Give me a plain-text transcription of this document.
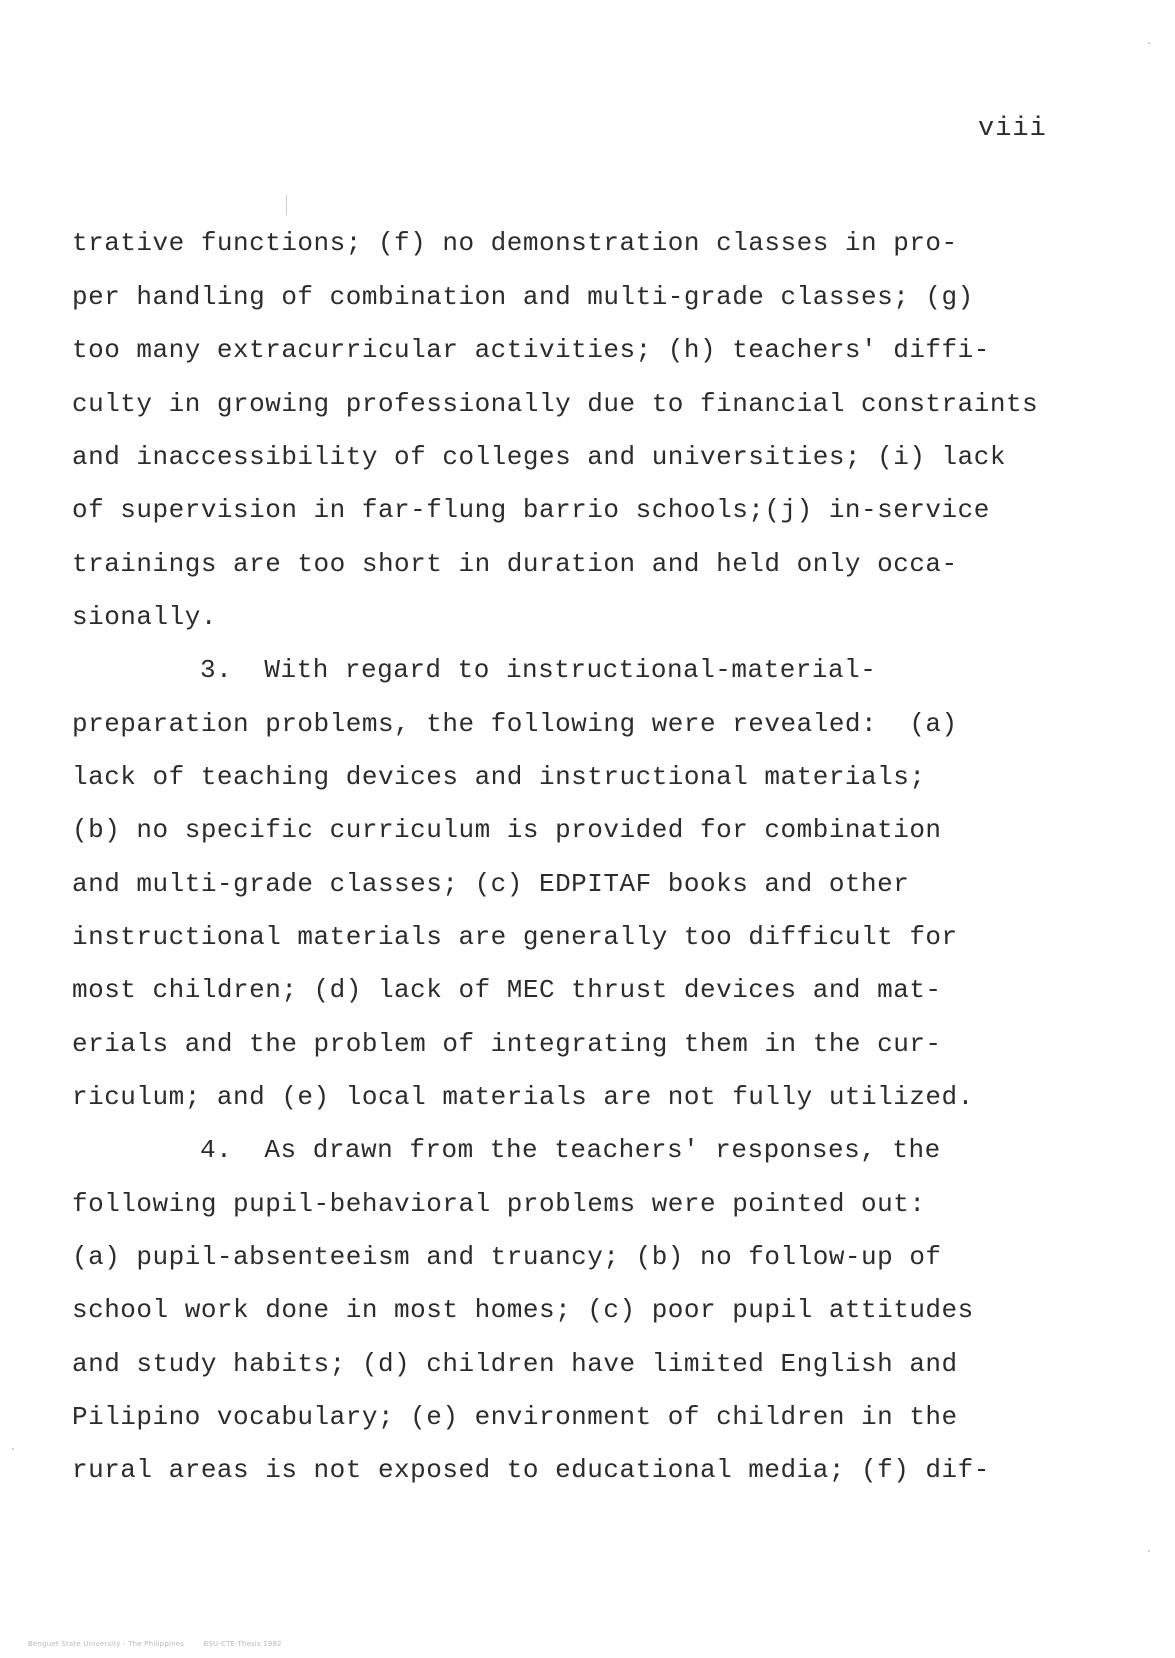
viii
trative functions; (f) no demonstration classes in pro-
per handling of combination and multi-grade classes; (g)
too many extracurricular activities; (h) teachers' diffi-
culty in growing professionally due to financial constraints
and inaccessibility of colleges and universities; (i) lack
of supervision in far-flung barrio schools;(j) in-service
trainings are too short in duration and held only occa-
sionally.
3.  With regard to instructional-material-
preparation problems, the following were revealed:  (a)
lack of teaching devices and instructional materials;
(b) no specific curriculum is provided for combination
and multi-grade classes; (c) EDPITAF books and other
instructional materials are generally too difficult for
most children; (d) lack of MEC thrust devices and mat-
erials and the problem of integrating them in the cur-
riculum; and (e) local materials are not fully utilized.
4.  As drawn from the teachers' responses, the
following pupil-behavioral problems were pointed out:
(a) pupil-absenteeism and truancy; (b) no follow-up of
school work done in most homes; (c) poor pupil attitudes
and study habits; (d) children have limited English and
Pilipino vocabulary; (e) environment of children in the
rural areas is not exposed to educational media; (f) dif-
Benguet State University - The Philippines        BSU-CTE-Thesis 1982
